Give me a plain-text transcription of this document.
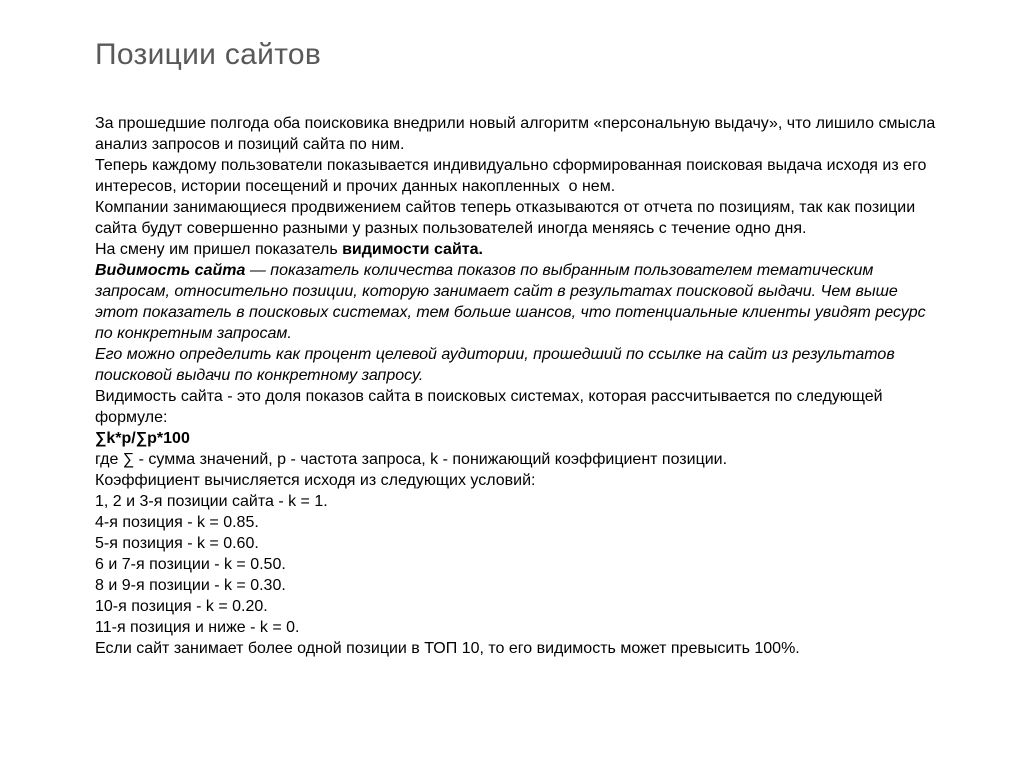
Позиции сайтов

За прошедшие полгода оба поисковика внедрили новый алгоритм «персональную выдачу», что лишило смысла анализ запросов и позиций сайта по ним.

Теперь каждому пользователи показывается индивидуально сформированная поисковая выдача исходя из его интересов, истории посещений и прочих данных накопленных  о нем.

Компании занимающиеся продвижением сайтов теперь отказываются от отчета по позициям, так как позиции сайта будут совершенно разными у разных пользователей иногда меняясь с течение одно дня.

На смену им пришел показатель видимости сайта.

Видимость сайта — показатель количества показов по выбранным пользователем тематическим запросам, относительно позиции, которую занимает сайт в результатах поисковой выдачи. Чем выше этот показатель в поисковых системах, тем больше шансов, что потенциальные клиенты увидят ресурс по конкретным запросам.

Его можно определить как процент целевой аудитории, прошедший по ссылке на сайт из результатов поисковой выдачи по конкретному запросу.

Видимость сайта - это доля показов сайта в поисковых системах, которая рассчитывается по следующей формуле:

∑k*p/∑p*100

где ∑ - сумма значений, p - частота запроса, k - понижающий коэффициент позиции.

Коэффициент вычисляется исходя из следующих условий:

1, 2 и 3-я позиции сайта - k = 1.

4-я позиция - k = 0.85.

5-я позиция - k = 0.60.

6 и 7-я позиции - k = 0.50.

8 и 9-я позиции - k = 0.30.

10-я позиция - k = 0.20.

11-я позиция и ниже - k = 0.

Если сайт занимает более одной позиции в ТОП 10, то его видимость может превысить 100%.
